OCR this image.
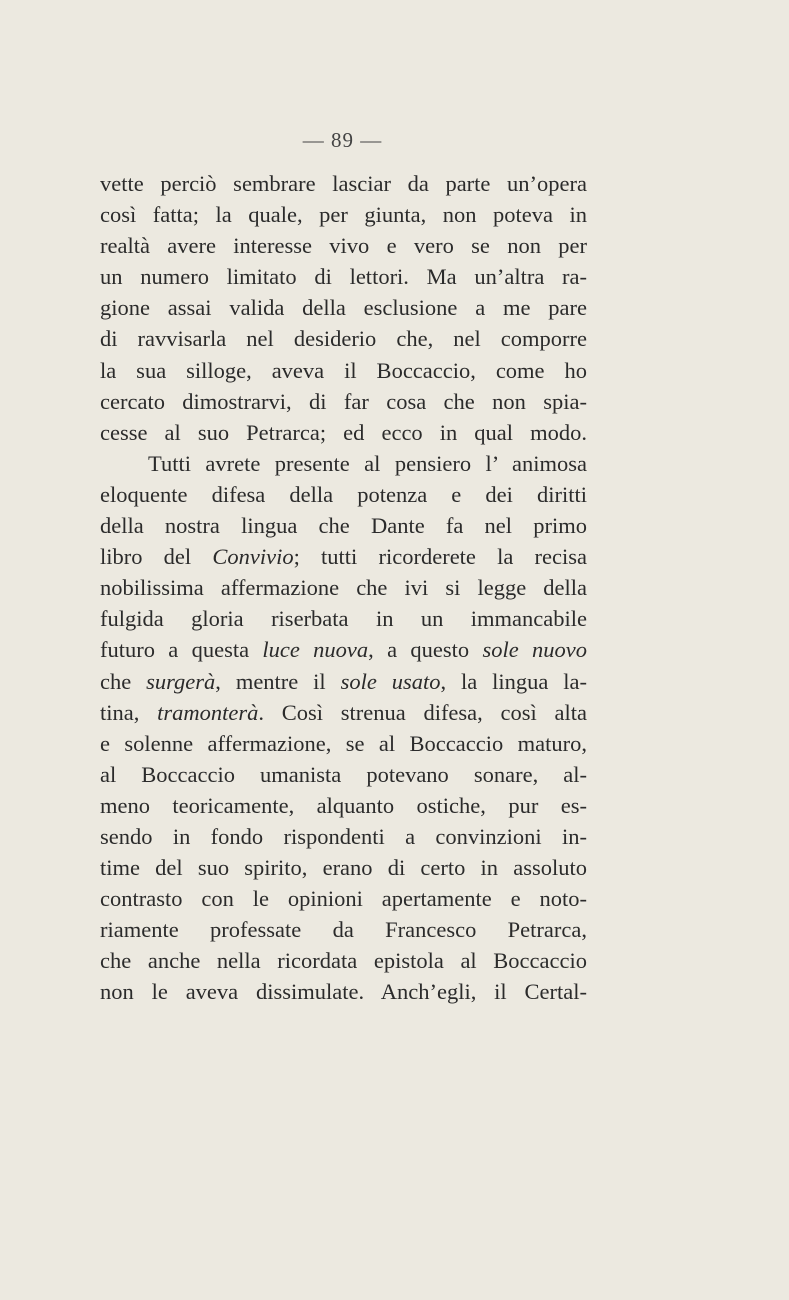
— 89 —
vette perciò sembrare lasciar da parte un’opera
così fatta; la quale, per giunta, non poteva in
realtà avere interesse vivo e vero se non per
un numero limitato di lettori. Ma un’altra ra-
gione assai valida della esclusione a me pare
di ravvisarla nel desiderio che, nel comporre
la sua silloge, aveva il Boccaccio, come ho
cercato dimostrarvi, di far cosa che non spia-
cesse al suo Petrarca; ed ecco in qual modo.
Tutti avrete presente al pensiero l’ animosa
eloquente difesa della potenza e dei diritti
della nostra lingua che Dante fa nel primo
libro del Convivio; tutti ricorderete la recisa
nobilissima affermazione che ivi si legge della
fulgida gloria riserbata in un immancabile
futuro a questa luce nuova, a questo sole nuovo
che surgerà, mentre il sole usato, la lingua la-
tina, tramonterà. Così strenua difesa, così alta
e solenne affermazione, se al Boccaccio maturo,
al Boccaccio umanista potevano sonare, al-
meno teoricamente, alquanto ostiche, pur es-
sendo in fondo rispondenti a convinzioni in-
time del suo spirito, erano di certo in assoluto
contrasto con le opinioni apertamente e noto-
riamente professate da Francesco Petrarca,
che anche nella ricordata epistola al Boccaccio
non le aveva dissimulate. Anch’egli, il Certal-
